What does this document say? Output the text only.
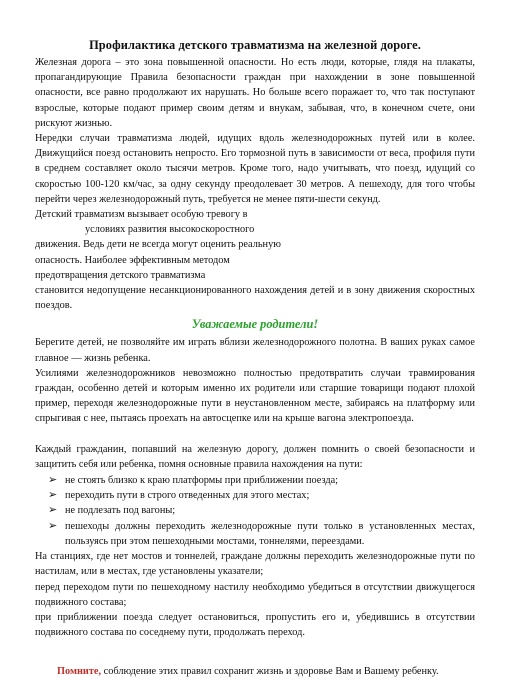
Профилактика детского травматизма на железной дороге.

Железная дорога – это зона повышенной опасности. Но есть люди, которые, глядя на плакаты, пропагандирующие Правила безопасности граждан при нахождении в зоне повышенной опасности, все равно продолжают их нарушать. Но больше всего поражает то, что так поступают взрослые, которые подают пример своим детям и внукам, забывая, что, в конечном счете, они рискуют жизнью.

Нередки случаи травматизма людей, идущих вдоль железнодорожных путей или в колее. Движущийся поезд остановить непросто. Его тормозной путь в зависимости от веса, профиля пути в среднем составляет около тысячи метров. Кроме того, надо учитывать, что поезд, идущий со скоростью 100-120 км/час, за одну секунду преодолевает 30 метров. А пешеходу, для того чтобы перейти через железнодорожный путь, требуется не менее пяти-шести секунд.

Детский травматизм вызывает особую тревогу в

условиях развития высокоскоростного

движения. Ведь дети не всегда могут оценить реальную

опасность. Наиболее эффективным методом

предотвращения детского травматизма

становится недопущение несанкционированного нахождения детей и в зону движения скоростных поездов.

Уважаемые родители!

Берегите детей, не позволяйте им играть вблизи железнодорожного полотна. В ваших руках самое главное — жизнь ребенка.

Усилиями железнодорожников невозможно полностью предотвратить случаи травмирования граждан, особенно детей и которым именно их родители или старшие товарищи подают плохой пример, переходя железнодорожные пути в неустановленном месте, забираясь на платформу или спрыгивая с нее, пытаясь проехать на автосцепке или на крыше вагона электропоезда.

Каждый гражданин, попавший на железную дорогу, должен помнить о своей безопасности и защитить себя или ребенка, помня основные правила нахождения на пути:

➢ не стоять близко к краю платформы при приближении поезда;
➢ переходить пути в строго отведенных для этого местах;
➢ не подлезать под вагоны;
➢ пешеходы должны переходить железнодорожные пути только в установленных местах, пользуясь при этом пешеходными мостами, тоннелями, переездами.

На станциях, где нет мостов и тоннелей, граждане должны переходить железнодорожные пути по настилам, или в местах, где установлены указатели;

перед переходом пути по пешеходному настилу необходимо убедиться в отсутствии движущегося подвижного состава;

при приближении поезда следует остановиться, пропустить его и, убедившись в отсутствии подвижного состава по соседнему пути, продолжать переход.

Помните, соблюдение этих правил сохранит жизнь и здоровье Вам и Вашему ребенку.
